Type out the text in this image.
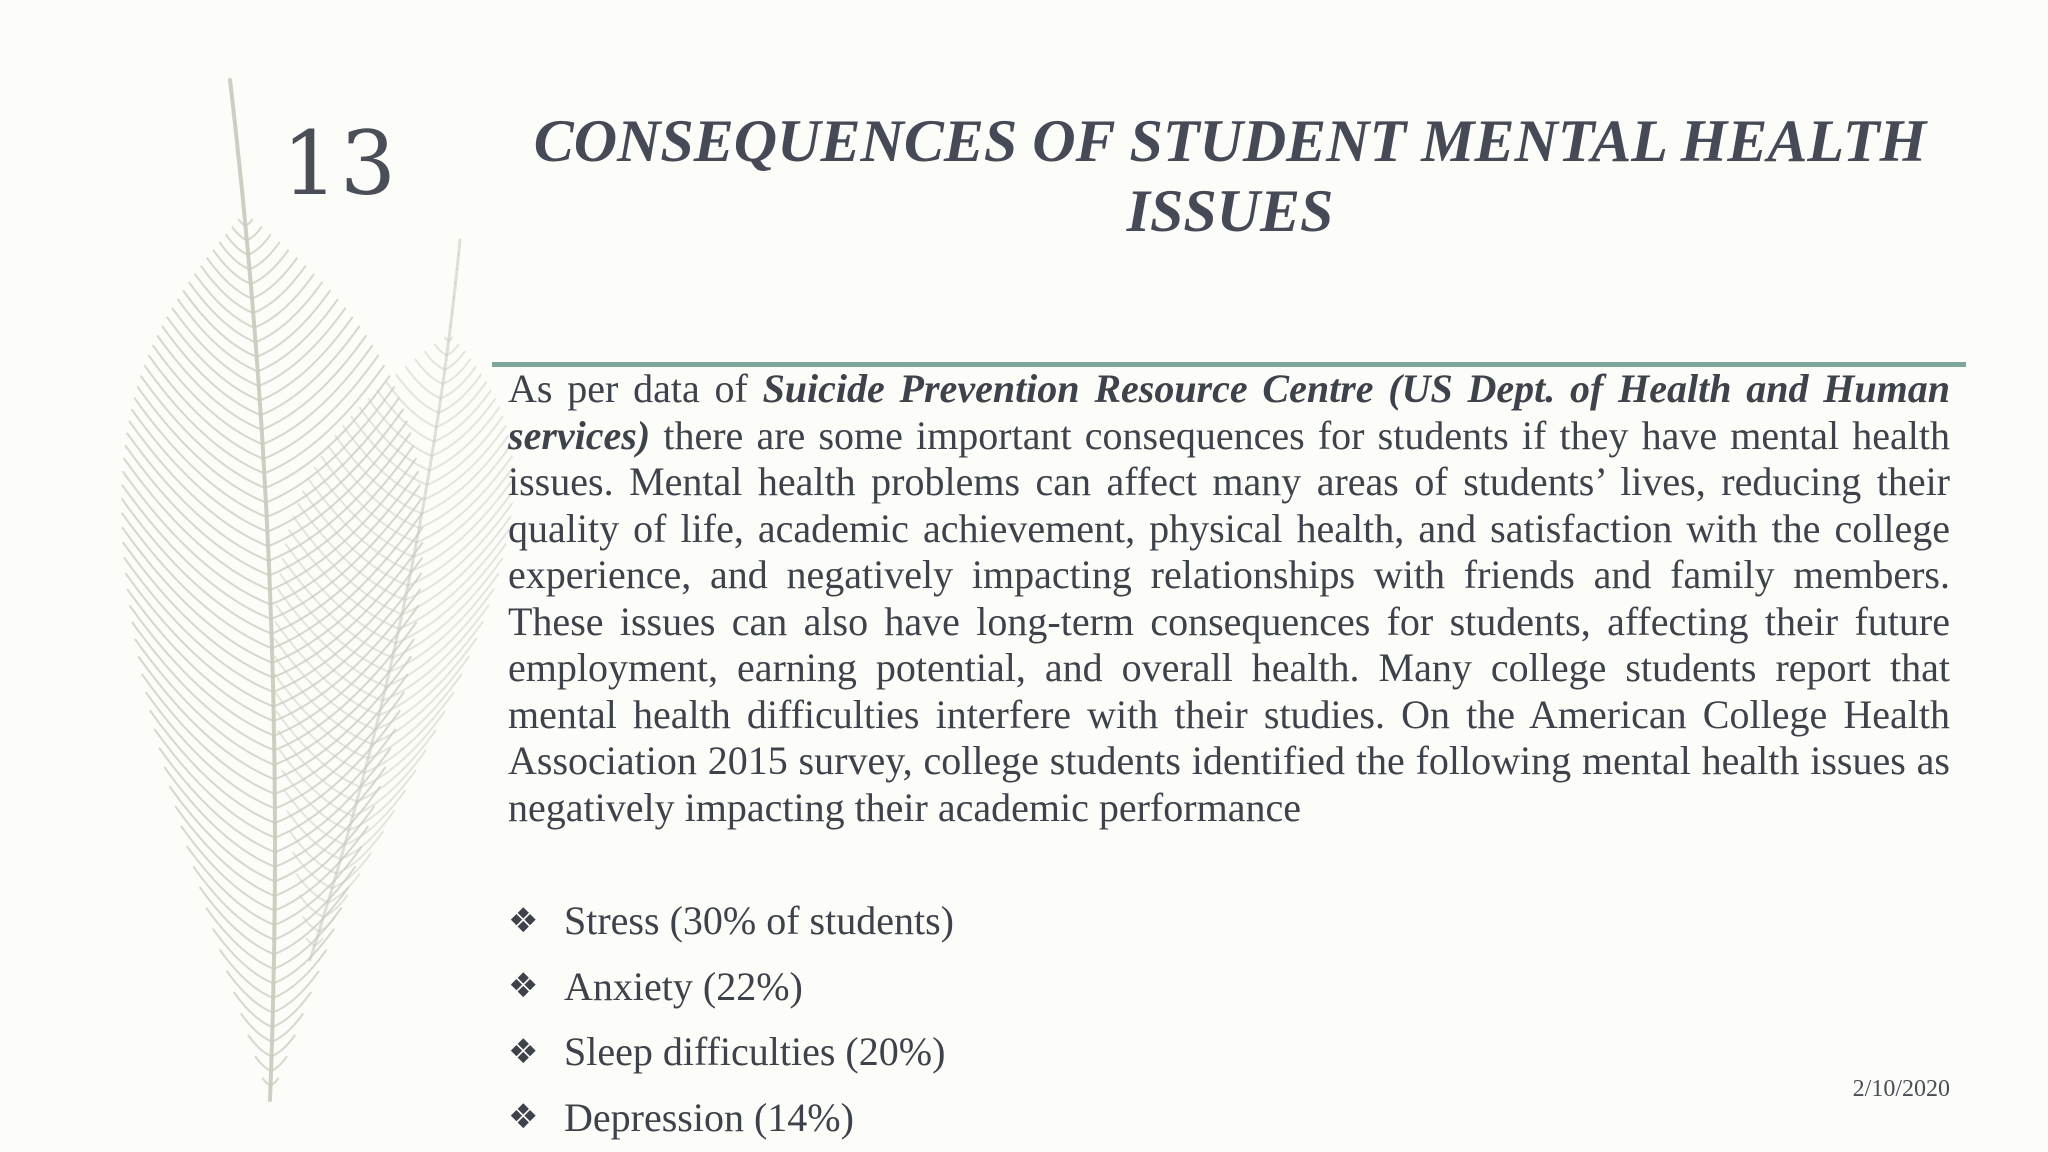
13	CONSEQUENCES OF STUDENT MENTAL HEALTH ISSUES
As per data of Suicide Prevention Resource Centre (US Dept. of Health and Human services) there are some important consequences for students if they have mental health issues. Mental health problems can affect many areas of students’ lives, reducing their quality of life, academic achievement, physical health, and satisfaction with the college experience, and negatively impacting relationships with friends and family members. These issues can also have long-term consequences for students, affecting their future employment, earning potential, and overall health. Many college students report that mental health difficulties interfere with their studies. On the American College Health Association 2015 survey, college students identified the following mental health issues as negatively impacting their academic performance
❖ Stress (30% of students)
❖ Anxiety (22%)
❖ Sleep difficulties (20%)
❖ Depression (14%)
2/10/2020
